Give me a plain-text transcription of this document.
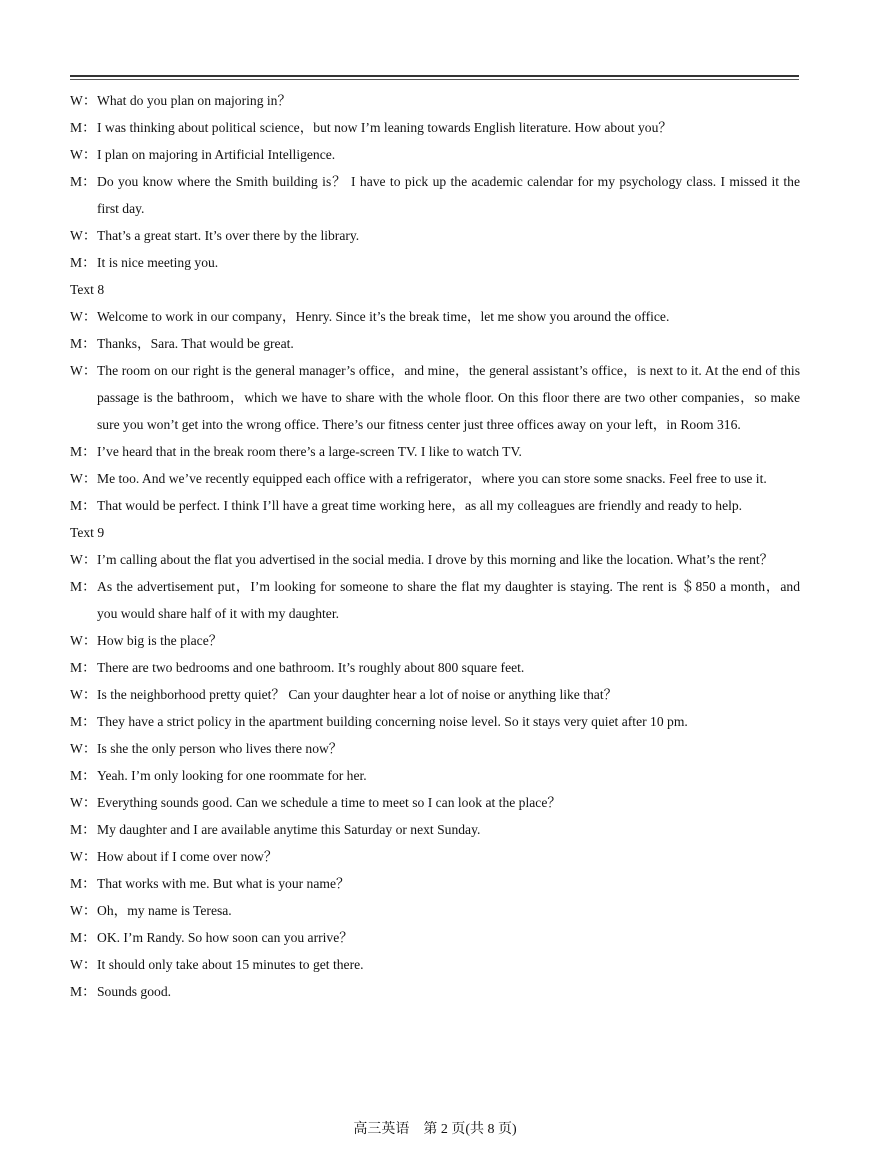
W：What do you plan on majoring in？

M：I was thinking about political science，but now I’m leaning towards English literature. How about you？

W：I plan on majoring in Artificial Intelligence.

M：Do you know where the Smith building is？ I have to pick up the academic calendar for my psychology class. I missed it the first day.

W：That’s a great start. It’s over there by the library.

M：It is nice meeting you.

Text 8

W：Welcome to work in our company，Henry. Since it’s the break time，let me show you around the office.

M：Thanks，Sara. That would be great.

W：The room on our right is the general manager’s office，and mine，the general assistant’s office，is next to it. At the end of this passage is the bathroom，which we have to share with the whole floor. On this floor there are two other companies，so make sure you won’t get into the wrong office. There’s our fitness center just three offices away on your left，in Room 316.

M：I’ve heard that in the break room there’s a large-screen TV. I like to watch TV.

W：Me too. And we’ve recently equipped each office with a refrigerator，where you can store some snacks. Feel free to use it.

M：That would be perfect. I think I’ll have a great time working here，as all my colleagues are friendly and ready to help.

Text 9

W：I’m calling about the flat you advertised in the social media. I drove by this morning and like the location. What’s the rent？

M：As the advertisement put，I’m looking for someone to share the flat my daughter is staying. The rent is ＄850 a month，and you would share half of it with my daughter.

W：How big is the place？

M：There are two bedrooms and one bathroom. It’s roughly about 800 square feet.

W：Is the neighborhood pretty quiet？ Can your daughter hear a lot of noise or anything like that？

M：They have a strict policy in the apartment building concerning noise level. So it stays very quiet after 10 pm.

W：Is she the only person who lives there now？

M：Yeah. I’m only looking for one roommate for her.

W：Everything sounds good. Can we schedule a time to meet so I can look at the place？

M：My daughter and I are available anytime this Saturday or next Sunday.

W：How about if I come over now？

M：That works with me. But what is your name？

W：Oh，my name is Teresa.

M：OK. I’m Randy. So how soon can you arrive？

W：It should only take about 15 minutes to get there.

M：Sounds good.

高三英语　第 2 页(共 8 页)
